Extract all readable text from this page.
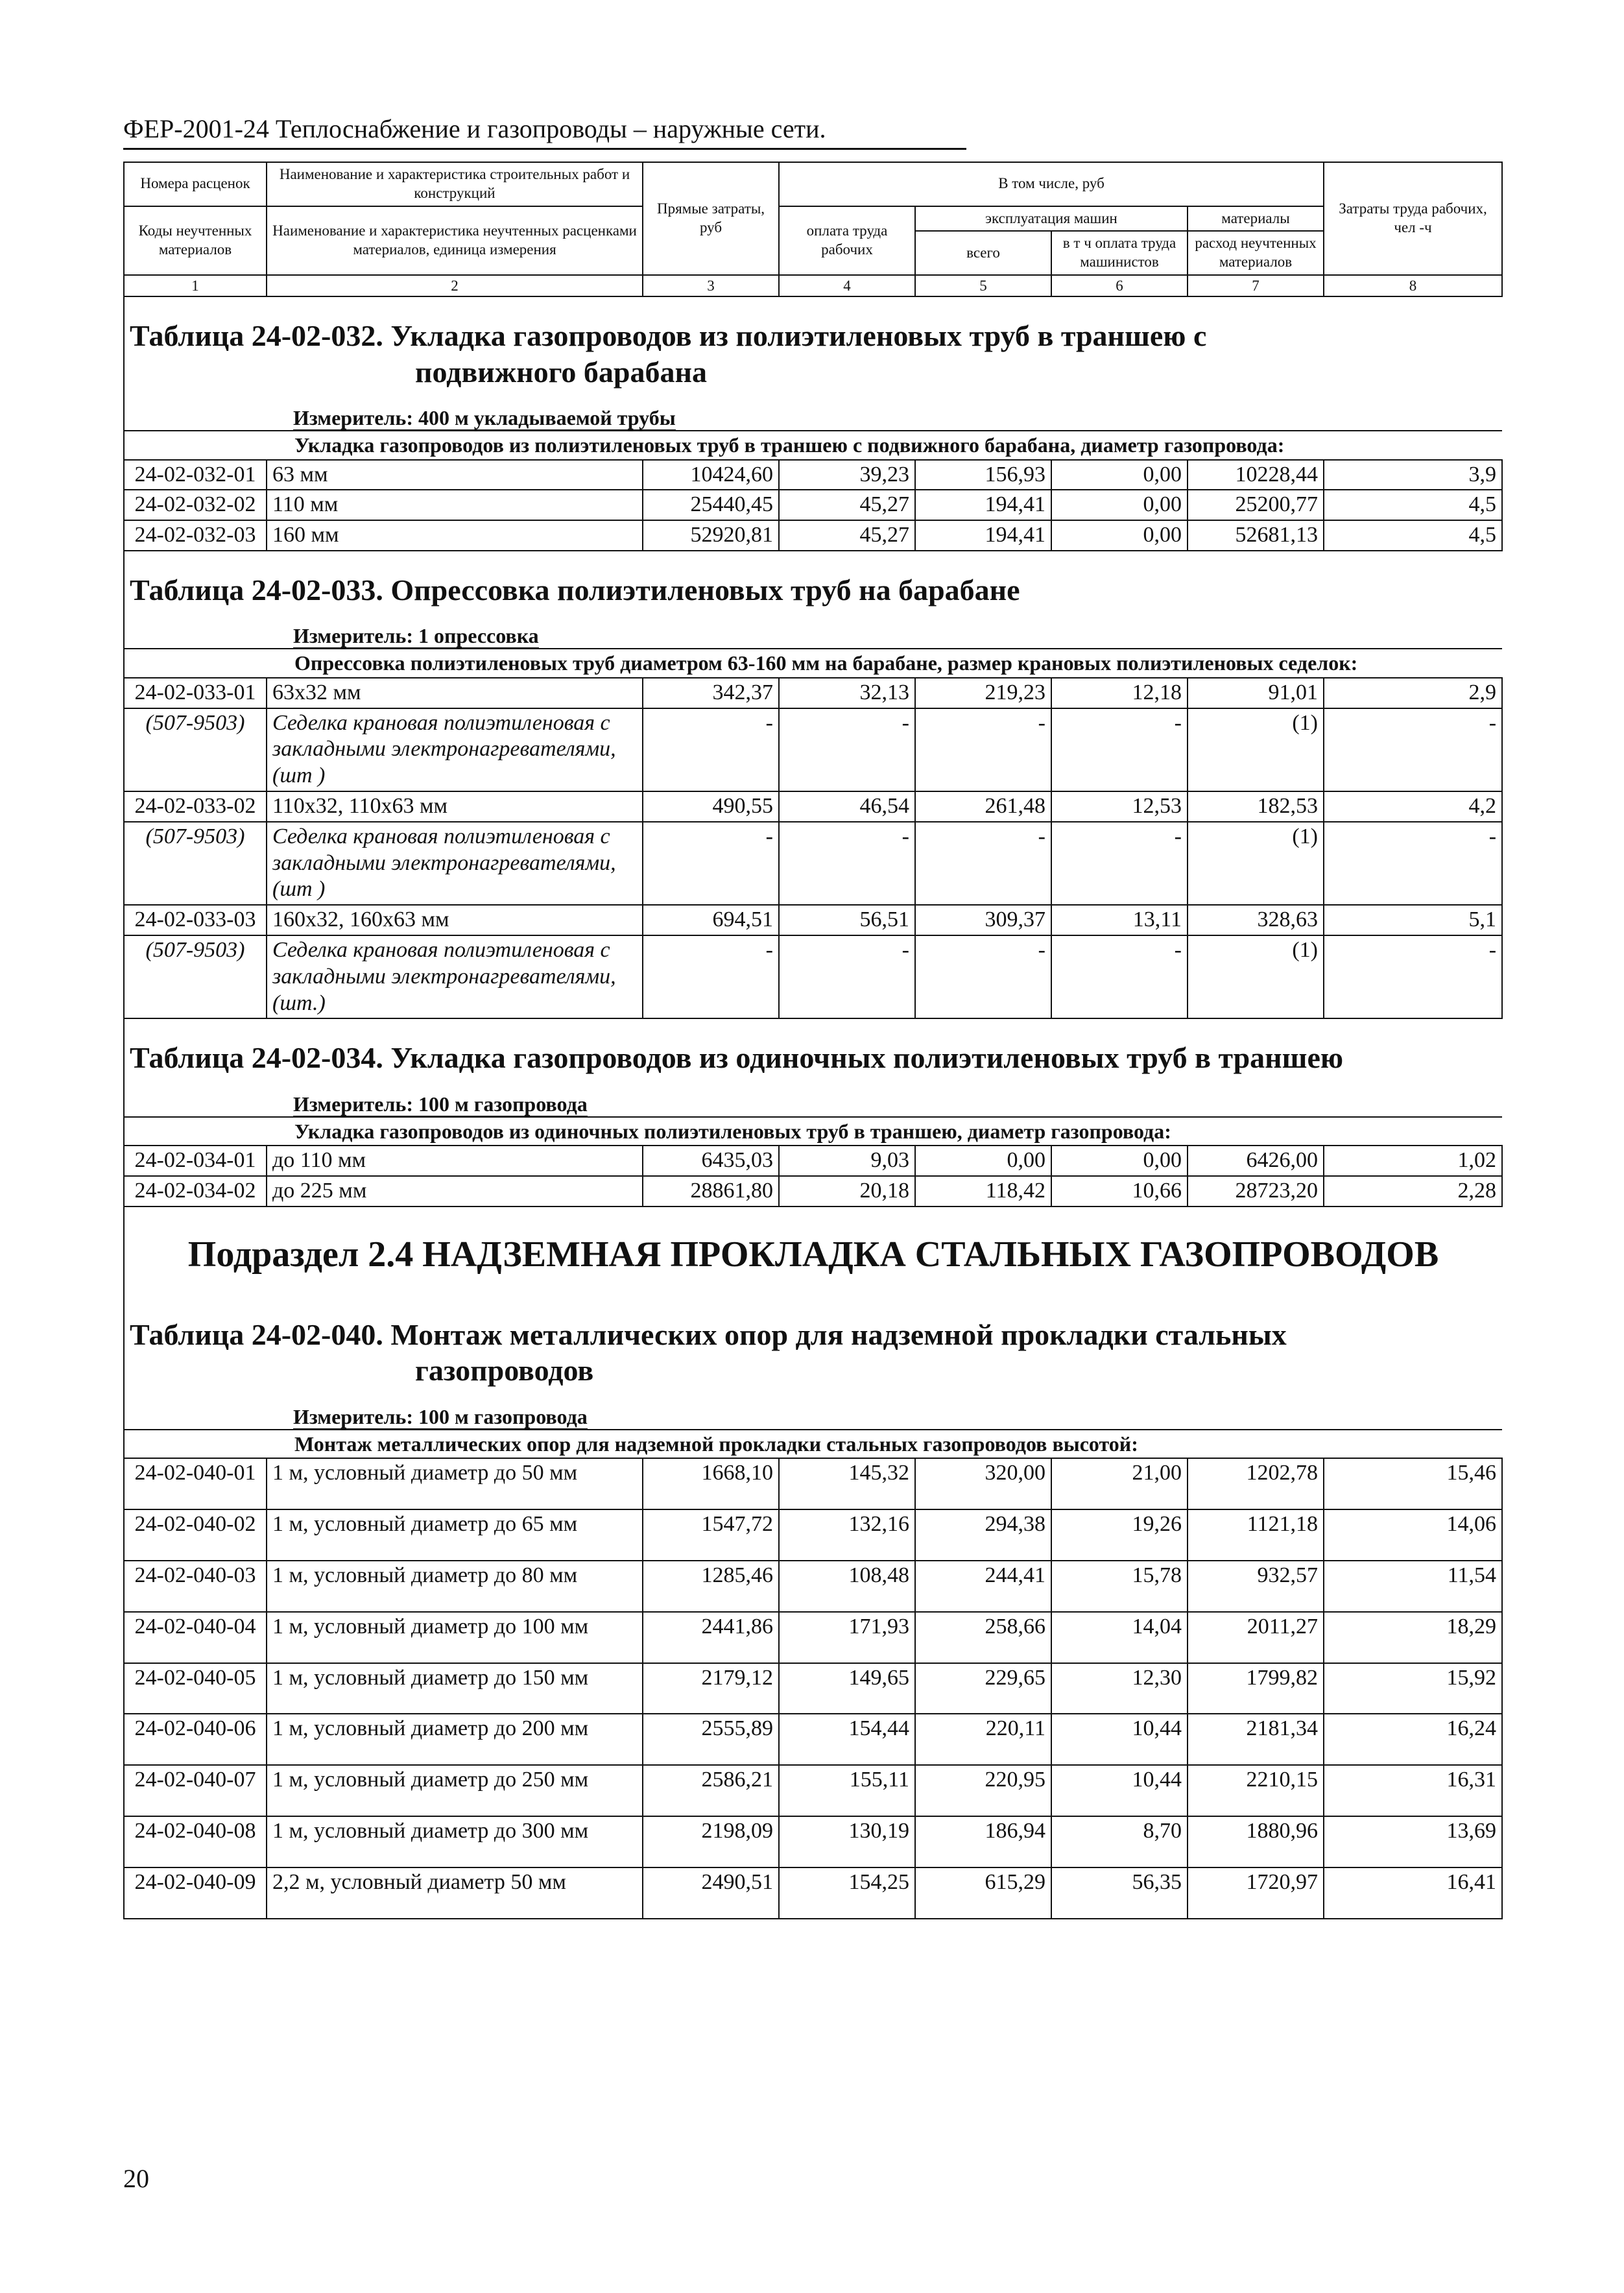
ФЕР-2001-24 Теплоснабжение и газопроводы – наружные сети.
Номера расценок	Наименование и характеристика строительных работ и конструкций	Прямые затраты, руб	В том числе, руб				Затраты труда рабочих, чел -ч
Коды неучтенных материалов	Наименование и характеристика неучтенных расценками материалов, единица измерения		оплата труда рабочих	эксплуатация машин		материалы	
				всего	в т ч оплата труда машинистов	расход неучтенных материалов	
1	2	3	4	5	6	7	8
Таблица 24-02-032. Укладка газопроводов из полиэтиленовых труб в траншею с
подвижного барабана							

Измеритель: 400 м укладываемой трубы							
Укладка газопроводов из полиэтиленовых труб в траншею с подвижного барабана, диаметр газопровода:							
24-02-032-01	63 мм	10424,60	39,23	156,93	0,00	10228,44	3,9
24-02-032-02	110 мм	25440,45	45,27	194,41	0,00	25200,77	4,5
24-02-032-03	160 мм	52920,81	45,27	194,41	0,00	52681,13	4,5
Таблица 24-02-033. Опрессовка полиэтиленовых труб на барабане							
Измеритель: 1 опрессовка							
Опрессовка полиэтиленовых труб диаметром 63-160 мм на барабане, размер крановых полиэтиленовых седелок:							
24-02-033-01	63х32 мм	342,37	32,13	219,23	12,18	91,01	2,9
(507-9503)	Седелка крановая полиэтиленовая с закладными электронагревателями, (шт )	-	-	-	-	(1)	-
24-02-033-02	110х32, 110х63 мм	490,55	46,54	261,48	12,53	182,53	4,2
(507-9503)	Седелка крановая полиэтиленовая с закладными электронагревателями, (шт )	-	-	-	-	(1)	-
24-02-033-03	160х32, 160х63 мм	694,51	56,51	309,37	13,11	328,63	5,1
(507-9503)	Седелка крановая полиэтиленовая с закладными электронагревателями, (шт.)	-	-	-	-	(1)	-
Таблица 24-02-034. Укладка газопроводов из одиночных полиэтиленовых труб в траншею							
Измеритель: 100 м газопровода							
Укладка газопроводов из одиночных полиэтиленовых труб в траншею, диаметр газопровода:							
24-02-034-01	до 110 мм	6435,03	9,03	0,00	0,00	6426,00	1,02
24-02-034-02	до 225 мм	28861,80	20,18	118,42	10,66	28723,20	2,28
Подраздел 2.4 НАДЗЕМНАЯ ПРОКЛАДКА СТАЛЬНЫХ ГАЗОПРОВОДОВ							
Таблица 24-02-040. Монтаж металлических опор для надземной прокладки стальных
газопроводов							

Измеритель: 100 м газопровода							
Монтаж металлических опор для надземной прокладки стальных газопроводов высотой:							
24-02-040-01	1 м, условный диаметр до 50 мм	1668,10	145,32	320,00	21,00	1202,78	15,46
24-02-040-02	1 м, условный диаметр до 65 мм	1547,72	132,16	294,38	19,26	1121,18	14,06
24-02-040-03	1 м, условный диаметр до 80 мм	1285,46	108,48	244,41	15,78	932,57	11,54
24-02-040-04	1 м, условный диаметр до 100 мм	2441,86	171,93	258,66	14,04	2011,27	18,29
24-02-040-05	1 м, условный диаметр до 150 мм	2179,12	149,65	229,65	12,30	1799,82	15,92
24-02-040-06	1 м, условный диаметр до 200 мм	2555,89	154,44	220,11	10,44	2181,34	16,24
24-02-040-07	1 м, условный диаметр до 250 мм	2586,21	155,11	220,95	10,44	2210,15	16,31
24-02-040-08	1 м, условный диаметр до 300 мм	2198,09	130,19	186,94	8,70	1880,96	13,69
24-02-040-09	2,2 м, условный диаметр 50 мм	2490,51	154,25	615,29	56,35	1720,97	16,41
20
